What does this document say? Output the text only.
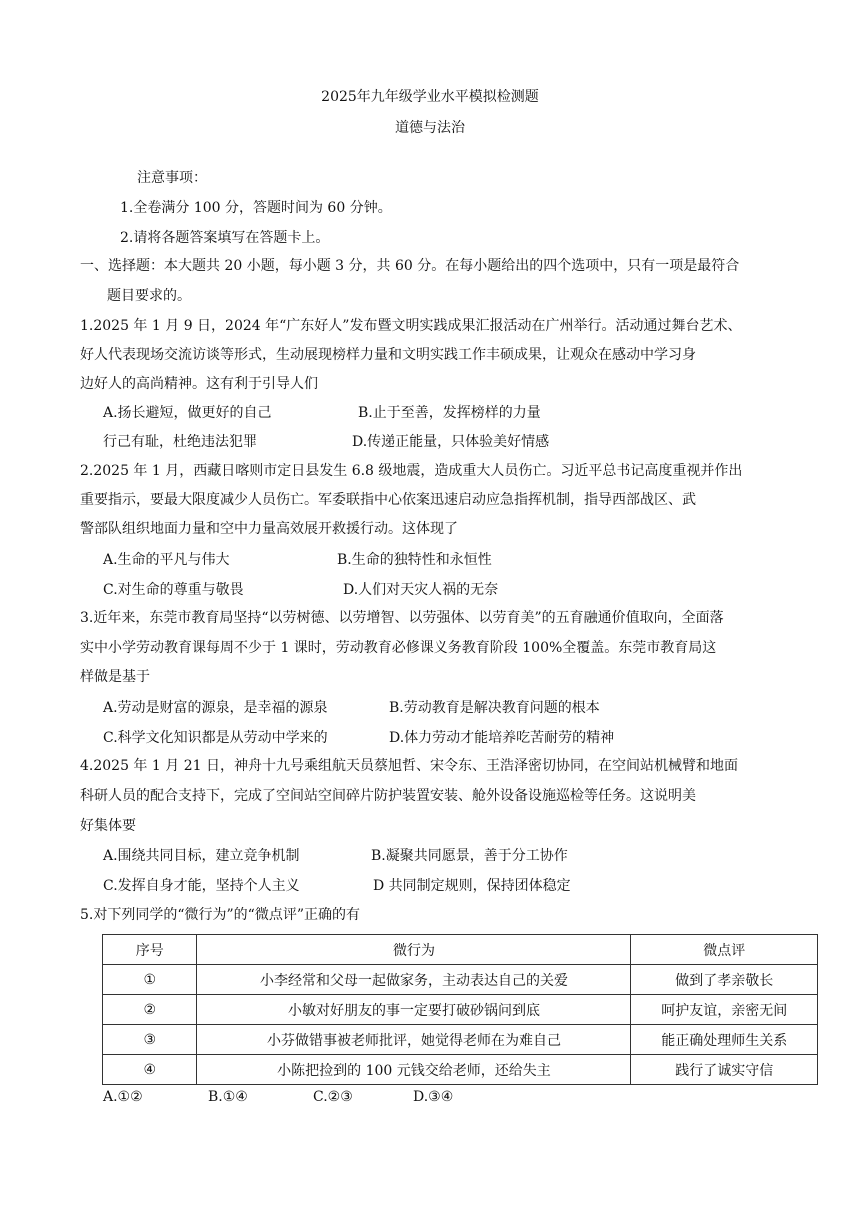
2025年九年级学业水平模拟检测题
道德与法治
注意事项：
1.全卷满分 100 分，答题时间为 60 分钟。
2.请将各题答案填写在答题卡上。
一、选择题：本大题共 20 小题，每小题 3 分，共 60 分。在每小题给出的四个选项中，只有一项是最符合
题目要求的。
1.2025 年 1 月 9 日，2024 年“广东好人”发布暨文明实践成果汇报活动在广州举行。活动通过舞台艺术、
好人代表现场交流访谈等形式，生动展现榜样力量和文明实践工作丰硕成果，让观众在感动中学习身
边好人的高尚精神。这有利于引导人们
A.扬长避短，做更好的自己	B.止于至善，发挥榜样的力量
行己有耻，杜绝违法犯罪	D.传递正能量，只体验美好情感
2.2025 年 1 月，西藏日喀则市定日县发生 6.8 级地震，造成重大人员伤亡。习近平总书记高度重视并作出
重要指示，要最大限度减少人员伤亡。军委联指中心依案迅速启动应急指挥机制，指导西部战区、武
警部队组织地面力量和空中力量高效展开救援行动。这体现了
A.生命的平凡与伟大	B.生命的独特性和永恒性
C.对生命的尊重与敬畏	D.人们对天灾人祸的无奈
3.近年来，东莞市教育局坚持“以劳树德、以劳增智、以劳强体、以劳育美”的五育融通价值取向，全面落
实中小学劳动教育课每周不少于 1 课时，劳动教育必修课义务教育阶段 100%全覆盖。东莞市教育局这
样做是基于
A.劳动是财富的源泉，是幸福的源泉	B.劳动教育是解决教育问题的根本
C.科学文化知识都是从劳动中学来的	D.体力劳动才能培养吃苦耐劳的精神
4.2025 年 1 月 21 日，神舟十九号乘组航天员蔡旭哲、宋令东、王浩泽密切协同，在空间站机械臂和地面
科研人员的配合支持下，完成了空间站空间碎片防护装置安装、舱外设备设施巡检等任务。这说明美
好集体要
A.围绕共同目标，建立竞争机制	B.凝聚共同愿景，善于分工协作
C.发挥自身才能，坚持个人主义	D 共同制定规则，保持团体稳定
5.对下列同学的“微行为”的“微点评”正确的有
序号	微行为	微点评
①	小李经常和父母一起做家务，主动表达自己的关爱	做到了孝亲敬长
②	小敏对好朋友的事一定要打破砂锅问到底	呵护友谊，亲密无间
③	小芬做错事被老师批评，她觉得老师在为难自己	能正确处理师生关系
④	小陈把捡到的 100 元钱交给老师，还给失主	践行了诚实守信
A.①②	B.①④	C.②③	D.③④
